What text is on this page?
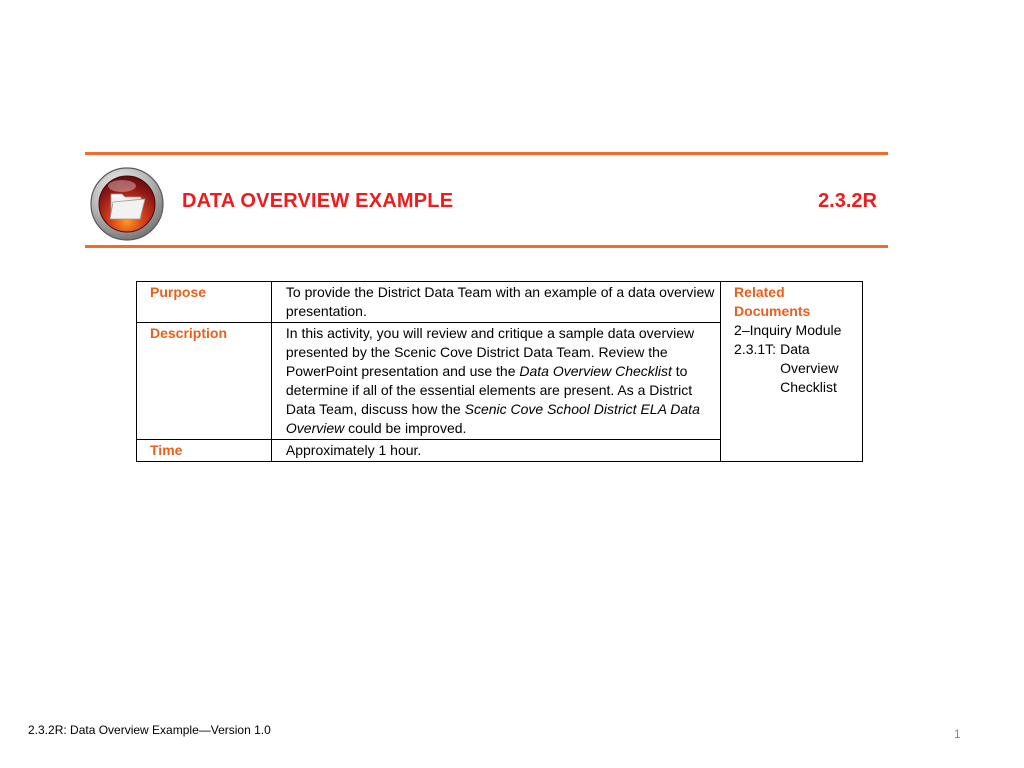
DATA OVERVIEW EXAMPLE	2.3.2R
Purpose	To provide the District Data Team with an example of a data overview presentation.	Related Documents
2–Inquiry Module
2.3.1T: Data Overview Checklist

Description	In this activity, you will review and critique a sample data overview presented by the Scenic Cove District Data Team. Review the PowerPoint presentation and use the Data Overview Checklist to determine if all of the essential elements are present. As a District Data Team, discuss how the Scenic Cove School District ELA Data Overview could be improved.	
Time	Approximately 1 hour.	
2.3.2R: Data Overview Example—Version 1.0	1
